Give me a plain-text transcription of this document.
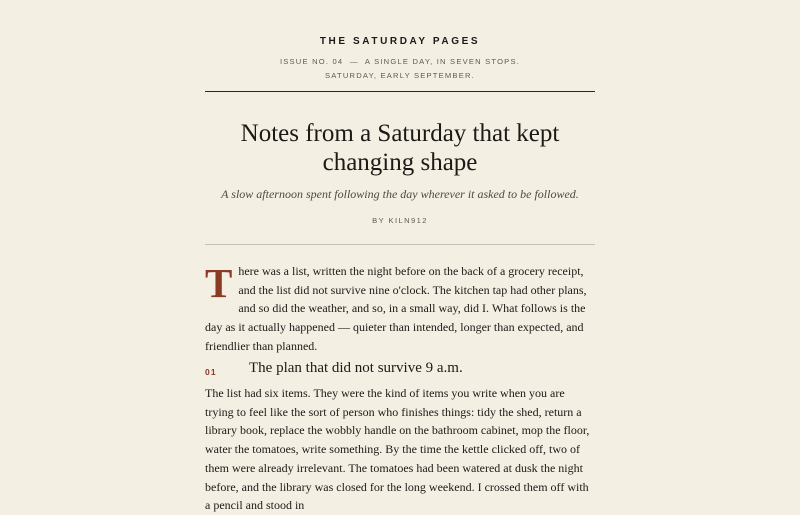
THE SATURDAY PAGES
ISSUE NO. 04  —  A SINGLE DAY, IN SEVEN STOPS.
SATURDAY, EARLY SEPTEMBER.
Notes from a Saturday that kept changing shape
A slow afternoon spent following the day wherever it asked to be followed.
BY KILN912

There was a list, written the night before on the back of a grocery receipt, and the list did not survive nine o'clock. The kitchen tap had other plans, and so did the weather, and so, in a small way, did I. What follows is the day as it actually happened — quieter than intended, longer than expected, and friendlier than planned.

01 The plan that did not survive 9 a.m.

The list had six items. They were the kind of items you write when you are trying to feel like the sort of person who finishes things: tidy the shed, return a library book, replace the wobbly handle on the bathroom cabinet, mop the floor, water the tomatoes, write something. By the time the kettle clicked off, two of them were already irrelevant. The tomatoes had been watered at dusk the night before, and the library was closed for the long weekend. I crossed them off with a pencil and stood in
